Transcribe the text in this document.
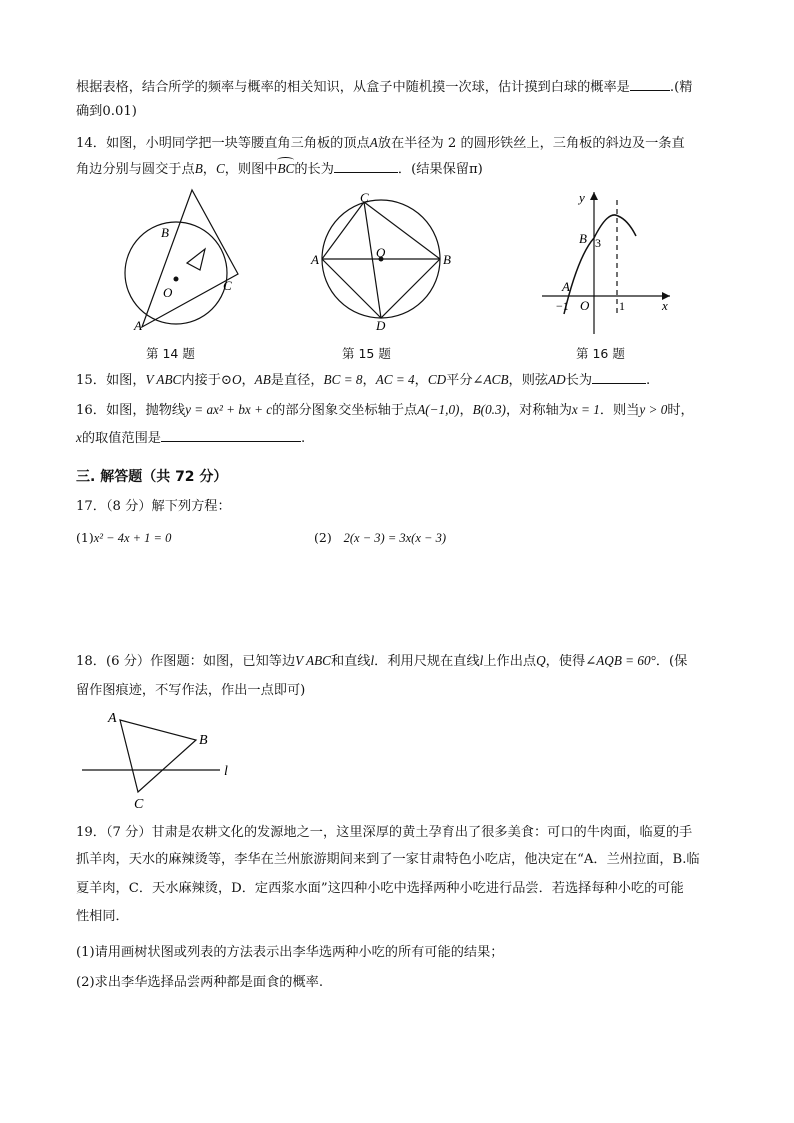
根据表格，结合所学的频率与概率的相关知识，从盒子中随机摸一次球，估计摸到白球的概率是	.(精
确到0.01)
14．如图，小明同学把一块等腰直角三角板的顶点A放在半径为 2 的圆形铁丝上，三角板的斜边及一条直
角边分别与圆交于点B，C，则图中BC的长为	．(结果保留π)
B
O	C
A
第 14 题
C
O
A	B
D
第 15 题
y
x
B 3
A
−1 O 1
第 16 题
15．如图，V ABC内接于⊙O，AB是直径，BC = 8，AC = 4，CD平分∠ACB，则弦AD长为	.
16．如图，抛物线y = ax² + bx + c的部分图象交坐标轴于点A(−1,0)，B(0.3)，对称轴为x = 1．则当y > 0时，
x的取值范围是	.
三. 解答题（共 72 分）
17．（8 分）解下列方程：
(1)x² − 4x + 1 = 0	(2) 2(x − 3) = 3x(x − 3)
18．(6 分）作图题：如图，已知等边V ABC和直线l．利用尺规在直线l上作出点Q，使得∠AQB = 60°．(保
留作图痕迹，不写作法，作出一点即可)
A
B
C
l
19．（7 分）甘肃是农耕文化的发源地之一，这里深厚的黄土孕育出了很多美食：可口的牛肉面，临夏的手
抓羊肉，天水的麻辣烫等，李华在兰州旅游期间来到了一家甘肃特色小吃店，他决定在“A．兰州拉面，B.临
夏羊肉，C．天水麻辣烫，D．定西浆水面”这四种小吃中选择两种小吃进行品尝．若选择每种小吃的可能
性相同．
(1)请用画树状图或列表的方法表示出李华选两种小吃的所有可能的结果；
(2)求出李华选择品尝两种都是面食的概率.
